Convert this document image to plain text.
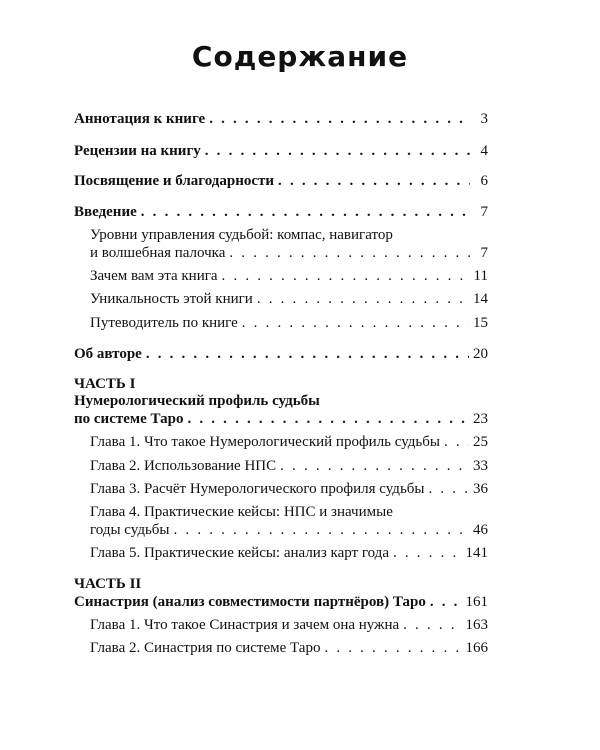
Содержание
Аннотация к книге . . .	3
Рецензии на книгу . . .	4
Посвящение и благодарности . . .	6
Введение . . .	7
Уровни управления судьбой: компас, навигатор
и волшебная палочка . . .	7
Зачем вам эта книга . . .	11
Уникальность этой книги . . .	14
Путеводитель по книге . . .	15
Об авторе . . .	20
ЧАСТЬ I
Нумерологический профиль судьбы
по системе Таро . . .	23
Глава 1. Что такое Нумерологический профиль судьбы . . . 25
Глава 2. Использование НПС . . .	33
Глава 3. Расчёт Нумерологического профиля судьбы . . .	36
Глава 4. Практические кейсы: НПС и значимые
годы судьбы . . .	46
Глава 5. Практические кейсы: анализ карт года . . .	141
ЧАСТЬ II
Синастрия (анализ совместимости партнёров) Таро . . .	161
Глава 1. Что такое Синастрия и зачем она нужна . . .	163
Глава 2. Синастрия по системе Таро . . .	166
